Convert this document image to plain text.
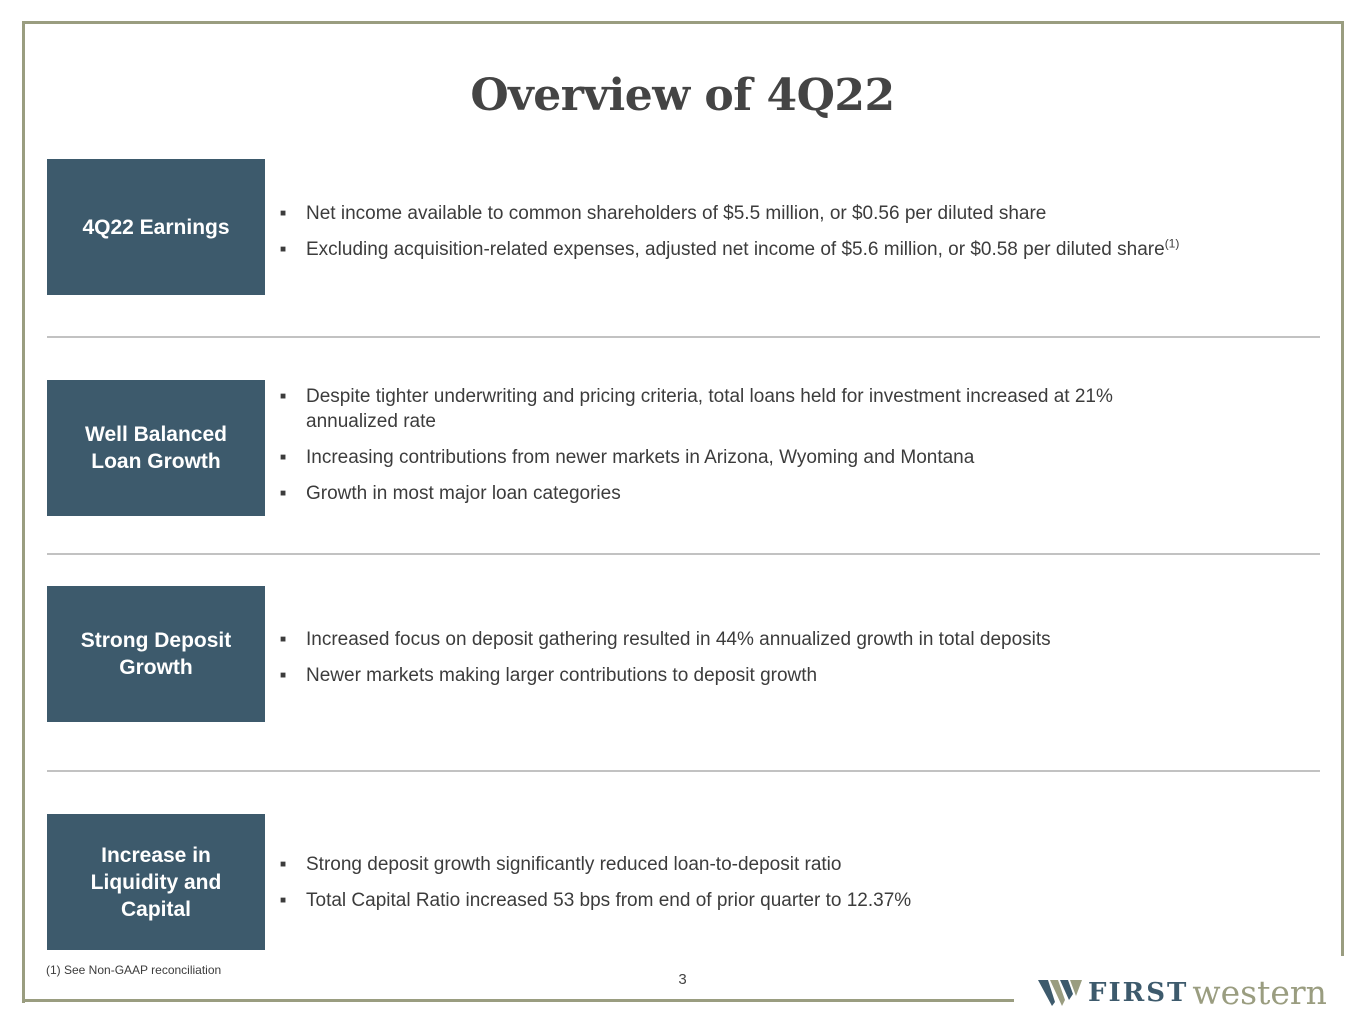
Overview of 4Q22
4Q22 Earnings
■	Net income available to common shareholders of $5.5 million, or $0.56 per diluted share
■	Excluding acquisition-related expenses, adjusted net income of $5.6 million, or $0.58 per diluted share$^{(1)}$
Well Balanced Loan Growth
■	Despite tighter underwriting and pricing criteria, total loans held for investment increased at 21% annualized rate
■	Increasing contributions from newer markets in Arizona, Wyoming and Montana
■	Growth in most major loan categories
Strong Deposit Growth
■	Increased focus on deposit gathering resulted in 44% annualized growth in total deposits
■	Newer markets making larger contributions to deposit growth
Increase in Liquidity and Capital
■	Strong deposit growth significantly reduced loan-to-deposit ratio
■	Total Capital Ratio increased 53 bps from end of prior quarter to 12.37%
(1) See Non-GAAP reconciliation
3	FIRST western
